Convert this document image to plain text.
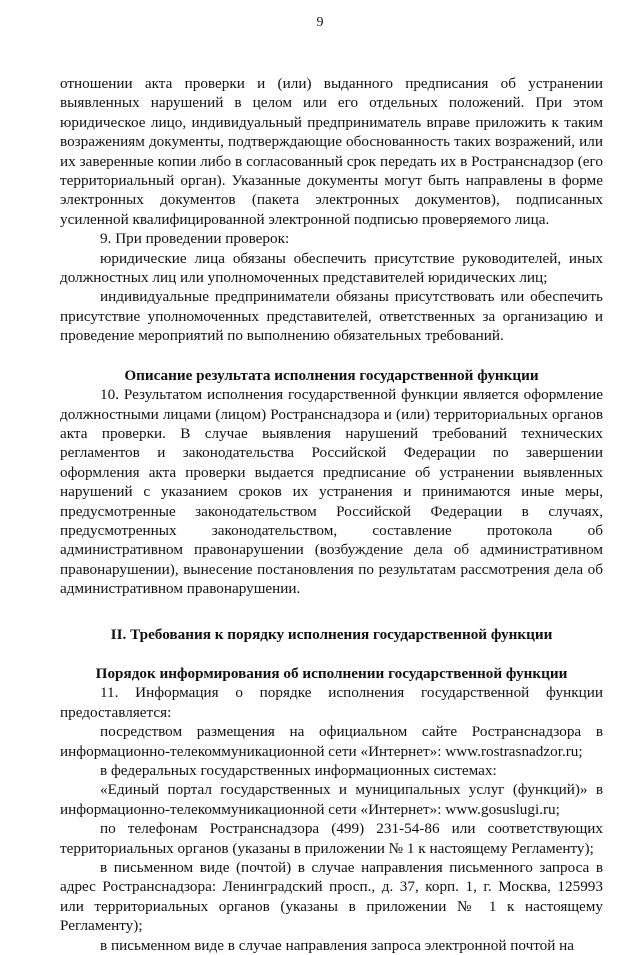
9

отношении акта проверки и (или) выданного предписания об устранении выявленных нарушений в целом или его отдельных положений. При этом юридическое лицо, индивидуальный предприниматель вправе приложить к таким возражениям документы, подтверждающие обоснованность таких возражений, или их заверенные копии либо в согласованный срок передать их в Ространснадзор (его территориальный орган). Указанные документы могут быть направлены в форме электронных документов (пакета электронных документов), подписанных усиленной квалифицированной электронной подписью проверяемого лица.

9. При проведении проверок:

юридические лица обязаны обеспечить присутствие руководителей, иных должностных лиц или уполномоченных представителей юридических лиц;

индивидуальные предприниматели обязаны присутствовать или обеспечить присутствие уполномоченных представителей, ответственных за организацию и проведение мероприятий по выполнению обязательных требований.

Описание результата исполнения государственной функции

10. Результатом исполнения государственной функции является оформление должностными лицами (лицом) Ространснадзора и (или) территориальных органов акта проверки. В случае выявления нарушений требований технических регламентов и законодательства Российской Федерации по завершении оформления акта проверки выдается предписание об устранении выявленных нарушений с указанием сроков их устранения и принимаются иные меры, предусмотренные законодательством Российской Федерации в случаях, предусмотренных законодательством, составление протокола об административном правонарушении (возбуждение дела об административном правонарушении), вынесение постановления по результатам рассмотрения дела об административном правонарушении.

II. Требования к порядку исполнения государственной функции

Порядок информирования об исполнении государственной функции

11. Информация о порядке исполнения государственной функции предоставляется:

посредством размещения на официальном сайте Ространснадзора в информационно-телекоммуникационной сети «Интернет»: www.rostrasnadzor.ru;

в федеральных государственных информационных системах:

«Единый портал государственных и муниципальных услуг (функций)» в информационно-телекоммуникационной сети «Интернет»: www.gosuslugi.ru;

по телефонам Ространснадзора (499) 231-54-86 или соответствующих территориальных органов (указаны в приложении № 1 к настоящему Регламенту);

в письменном виде (почтой) в случае направления письменного запроса в адрес Ространснадзора: Ленинградский просп., д. 37, корп. 1, г. Москва, 125993 или территориальных органов (указаны в приложении № 1 к настоящему Регламенту);

в письменном виде в случае направления запроса электронной почтой на
